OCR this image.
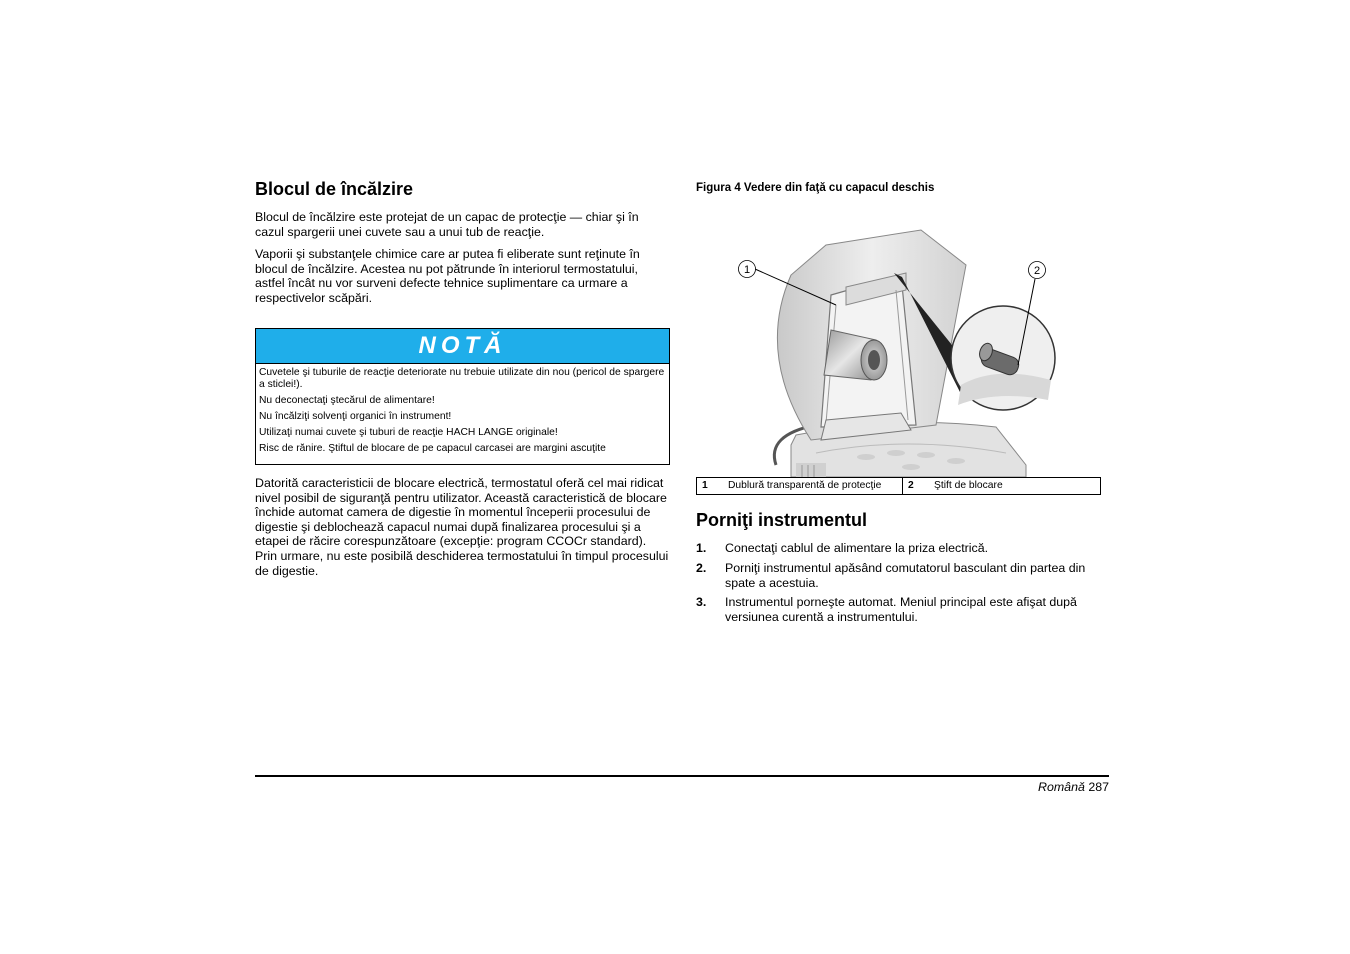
Blocul de încălzire

Blocul de încălzire este protejat de un capac de protecţie — chiar şi în cazul spargerii unei cuvete sau a unui tub de reacţie.

Vaporii şi substanţele chimice care ar putea fi eliberate sunt reţinute în blocul de încălzire. Acestea nu pot pătrunde în interiorul termostatului, astfel încât nu vor surveni defecte tehnice suplimentare ca urmare a respectivelor scăpări.

NOTĂ
Cuvetele şi tuburile de reacţie deteriorate nu trebuie utilizate din nou (pericol de spargere a sticlei!).
Nu deconectaţi ştecărul de alimentare!
Nu încălziţi solvenţi organici în instrument!
Utilizaţi numai cuvete şi tuburi de reacţie HACH LANGE originale!
Risc de rănire. Ştiftul de blocare de pe capacul carcasei are margini ascuţite

Datorită caracteristicii de blocare electrică, termostatul oferă cel mai ridicat nivel posibil de siguranţă pentru utilizator. Această caracteristică de blocare închide automat camera de digestie în momentul începerii procesului de digestie şi deblochează capacul numai după finalizarea procesului şi a etapei de răcire corespunzătoare (excepţie: program CCOCr standard). Prin urmare, nu este posibilă deschiderea termostatului în timpul procesului de digestie.

Figura 4 Vedere din faţă cu capacul deschis
1	2
1	Dublură transparentă de protecţie	2	Ştift de blocare
Porniţi instrumentul
1.	Conectaţi cablul de alimentare la priza electrică.
2.	Porniţi instrumentul apăsând comutatorul basculant din partea din spate a acestuia.
3.	Instrumentul porneşte automat. Meniul principal este afişat după versiunea curentă a instrumentului.
Română 287
